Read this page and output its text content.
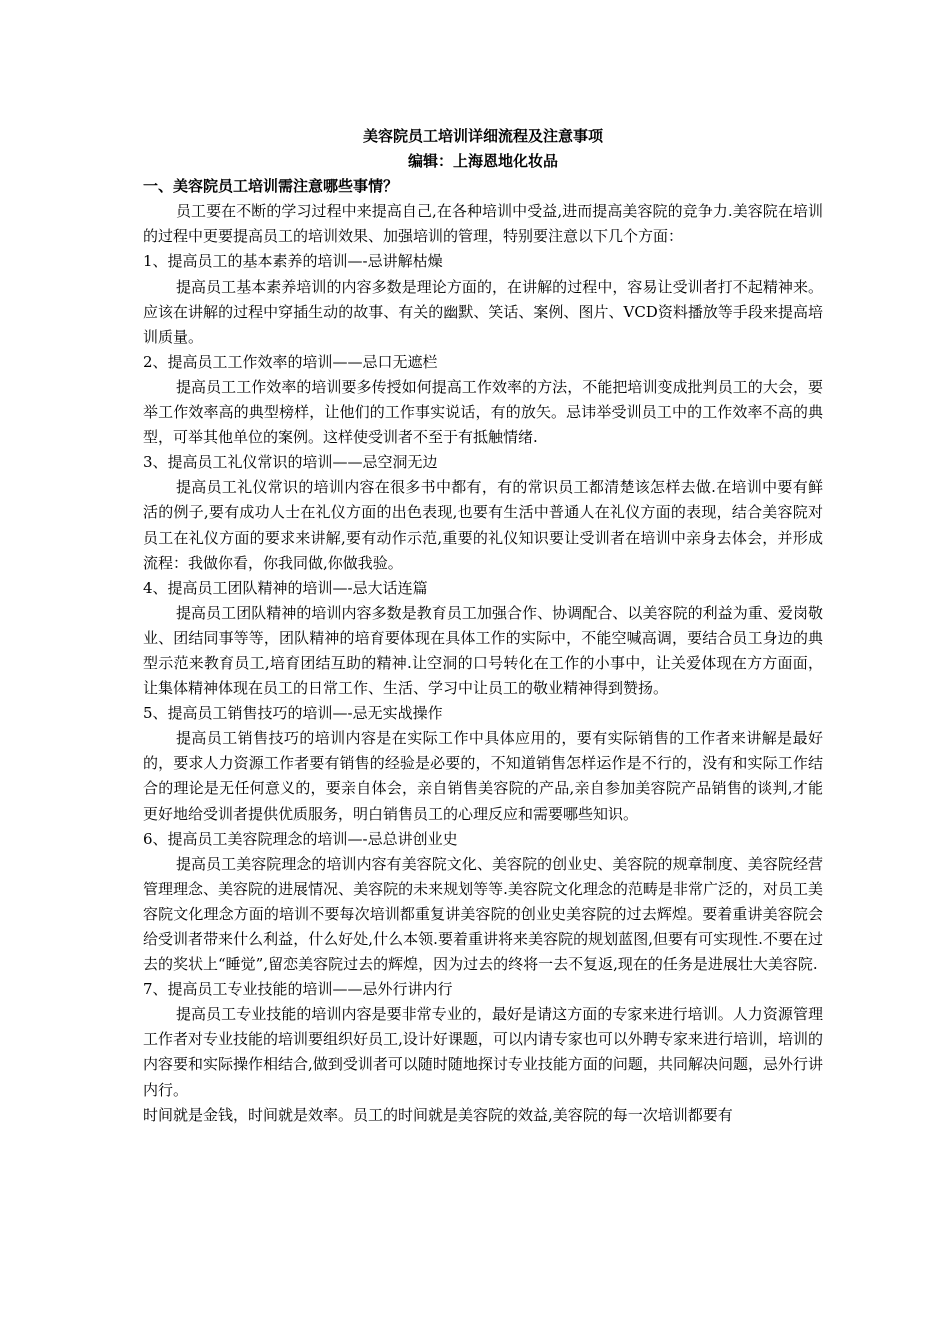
美容院员工培训详细流程及注意事项

编辑：上海恩地化妆品

一、美容院员工培训需注意哪些事情？

员工要在不断的学习过程中来提高自己,在各种培训中受益,进而提高美容院的竞争力.美容院在培训的过程中更要提高员工的培训效果、加强培训的管理，特别要注意以下几个方面：

1、提高员工的基本素养的培训—-忌讲解枯燥

提高员工基本素养培训的内容多数是理论方面的，在讲解的过程中，容易让受训者打不起精神来。应该在讲解的过程中穿插生动的故事、有关的幽默、笑话、案例、图片、VCD资料播放等手段来提高培训质量。

2、提高员工工作效率的培训——忌口无遮栏

提高员工工作效率的培训要多传授如何提高工作效率的方法，不能把培训变成批判员工的大会，要举工作效率高的典型榜样，让他们的工作事实说话，有的放矢。忌讳举受训员工中的工作效率不高的典型，可举其他单位的案例。这样使受训者不至于有抵触情绪.

3、提高员工礼仪常识的培训——忌空洞无边

提高员工礼仪常识的培训内容在很多书中都有，有的常识员工都清楚该怎样去做.在培训中要有鲜活的例子,要有成功人士在礼仪方面的出色表现,也要有生活中普通人在礼仪方面的表现，结合美容院对员工在礼仪方面的要求来讲解,要有动作示范,重要的礼仪知识要让受训者在培训中亲身去体会，并形成流程：我做你看，你我同做,你做我验。

4、提高员工团队精神的培训—-忌大话连篇

提高员工团队精神的培训内容多数是教育员工加强合作、协调配合、以美容院的利益为重、爱岗敬业、团结同事等等，团队精神的培育要体现在具体工作的实际中，不能空喊高调，要结合员工身边的典型示范来教育员工,培育团结互助的精神.让空洞的口号转化在工作的小事中，让关爱体现在方方面面，让集体精神体现在员工的日常工作、生活、学习中让员工的敬业精神得到赞扬。

5、提高员工销售技巧的培训—-忌无实战操作

提高员工销售技巧的培训内容是在实际工作中具体应用的，要有实际销售的工作者来讲解是最好的，要求人力资源工作者要有销售的经验是必要的，不知道销售怎样运作是不行的，没有和实际工作结合的理论是无任何意义的，要亲自体会，亲自销售美容院的产品,亲自参加美容院产品销售的谈判,才能更好地给受训者提供优质服务，明白销售员工的心理反应和需要哪些知识。

6、提高员工美容院理念的培训—-忌总讲创业史

提高员工美容院理念的培训内容有美容院文化、美容院的创业史、美容院的规章制度、美容院经营管理理念、美容院的进展情况、美容院的未来规划等等.美容院文化理念的范畴是非常广泛的，对员工美容院文化理念方面的培训不要每次培训都重复讲美容院的创业史美容院的过去辉煌。要着重讲美容院会给受训者带来什么利益，什么好处,什么本领.要着重讲将来美容院的规划蓝图,但要有可实现性.不要在过去的奖状上“睡觉”,留恋美容院过去的辉煌，因为过去的终将一去不复返,现在的任务是进展壮大美容院.

7、提高员工专业技能的培训——忌外行讲内行

提高员工专业技能的培训内容是要非常专业的，最好是请这方面的专家来进行培训。人力资源管理工作者对专业技能的培训要组织好员工,设计好课题，可以内请专家也可以外聘专家来进行培训，培训的内容要和实际操作相结合,做到受训者可以随时随地探讨专业技能方面的问题，共同解决问题，忌外行讲内行。

时间就是金钱，时间就是效率。员工的时间就是美容院的效益,美容院的每一次培训都要有
